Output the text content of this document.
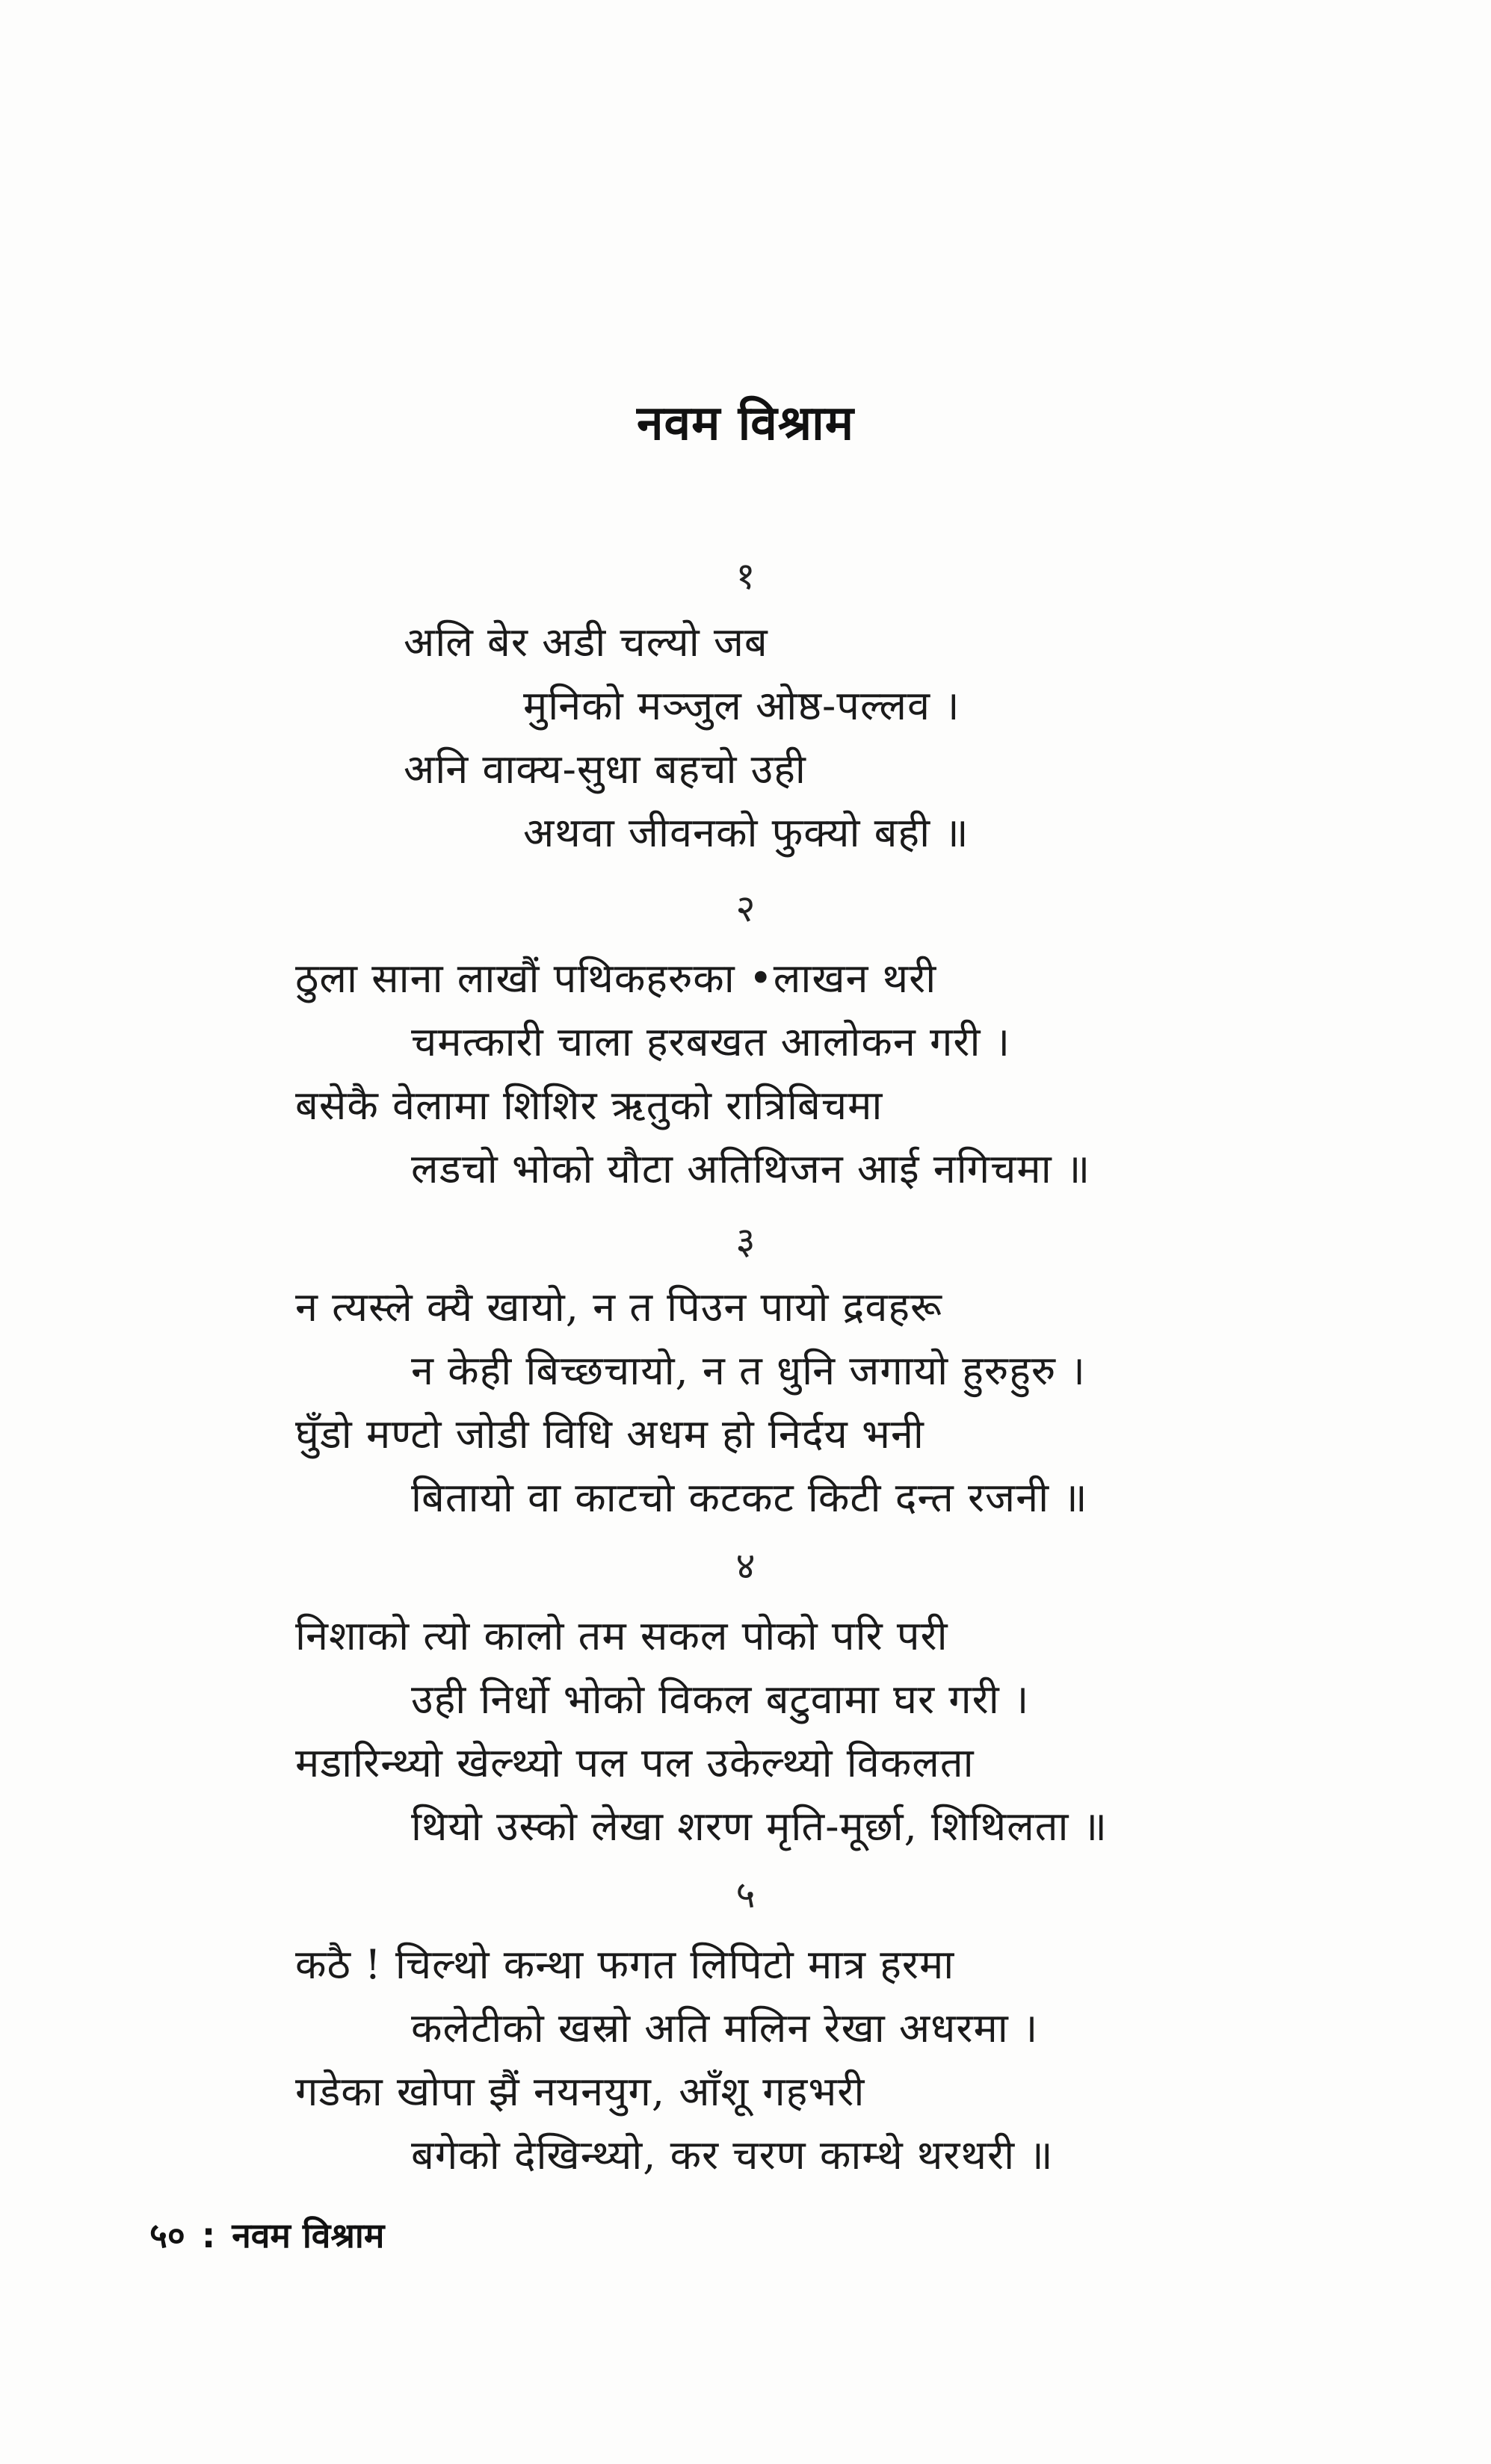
नवम विश्राम
१
अलि बेर अडी चल्यो जब
मुनिको मञ्जुल ओष्ठ-पल्लव ।
अनि वाक्य-सुधा बहचो उही
अथवा जीवनको फुक्यो बही ॥
२
ठुला साना लाखौं पथिकहरुका •लाखन थरी
चमत्कारी चाला हरबखत आलोकन गरी ।
बसेकै वेलामा शिशिर ऋतुको रात्रिबिचमा
लडचो भोको यौटा अतिथिजन आई नगिचमा ॥
३
न त्यस्ले क्यै खायो, न त पिउन पायो द्रवहरू
न केही बिच्छचायो, न त धुनि जगायो हुरुहुरु ।
घुँडो मण्टो जोडी विधि अधम हो निर्दय भनी
बितायो वा काटचो कटकट किटी दन्त रजनी ॥
४
निशाको त्यो कालो तम सकल पोको परि परी
उही निर्धो भोको विकल बटुवामा घर गरी ।
मडारिन्थ्यो खेल्थ्यो पल पल उकेल्थ्यो विकलता
थियो उस्को लेखा शरण मृति-मूर्छा, शिथिलता ॥
५
कठै ! चिल्थो कन्था फगत लिपिटो मात्र हरमा
कलेटीको खस्रो अति मलिन रेखा अधरमा ।
गडेका खोपा झैं नयनयुग, आँशू गहभरी
बगेको देखिन्थ्यो, कर चरण काम्थे थरथरी ॥
५० : नवम विश्राम
